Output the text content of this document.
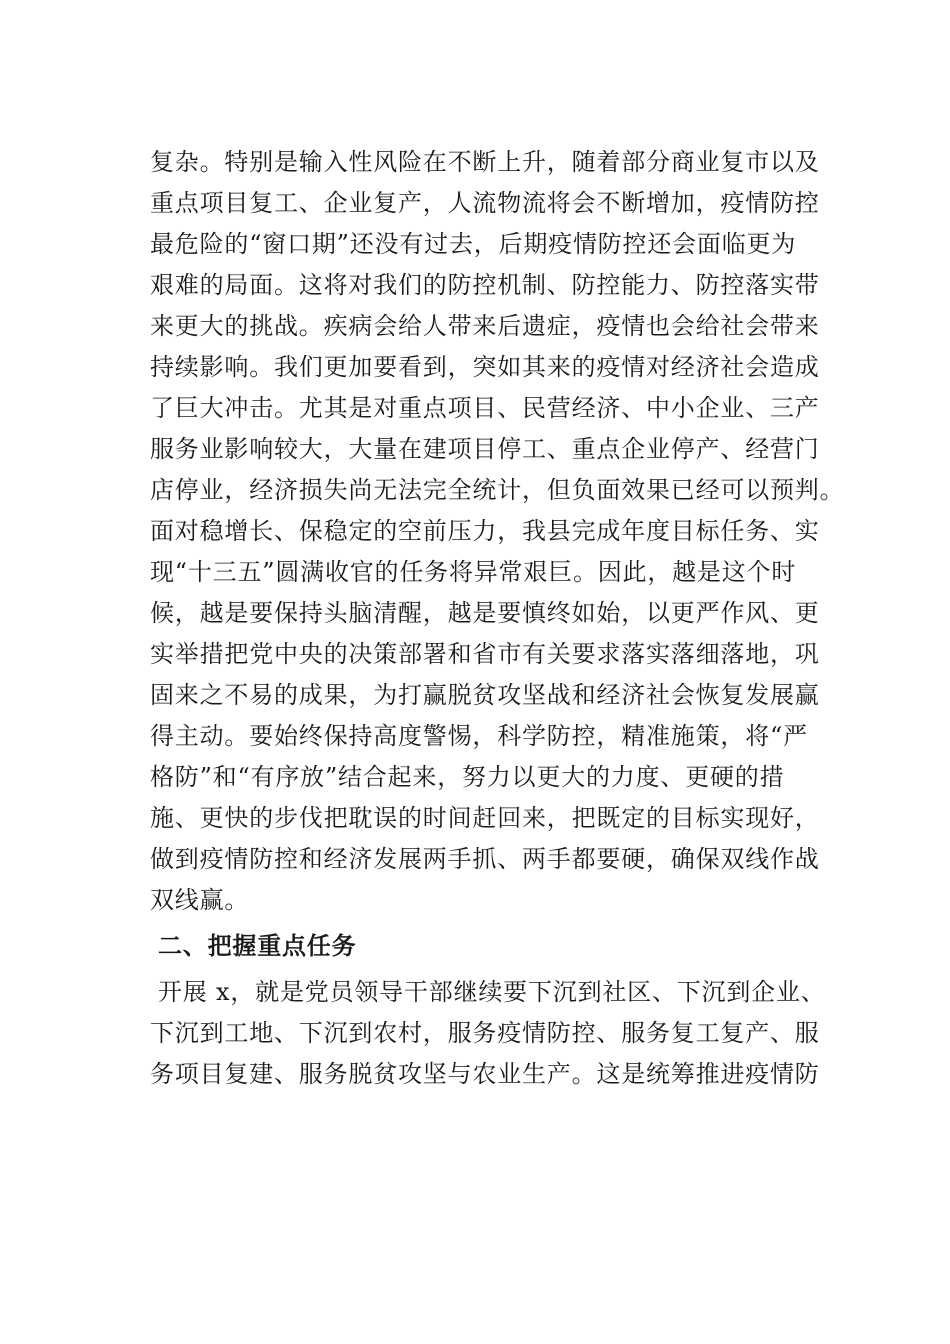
复杂。特别是输入性风险在不断上升，随着部分商业复市以及
重点项目复工、企业复产，人流物流将会不断增加，疫情防控
最危险的“窗口期”还没有过去，后期疫情防控还会面临更为
艰难的局面。这将对我们的防控机制、防控能力、防控落实带
来更大的挑战。疾病会给人带来后遗症，疫情也会给社会带来
持续影响。我们更加要看到，突如其来的疫情对经济社会造成
了巨大冲击。尤其是对重点项目、民营经济、中小企业、三产
服务业影响较大，大量在建项目停工、重点企业停产、经营门
店停业，经济损失尚无法完全统计，但负面效果已经可以预判。
面对稳增长、保稳定的空前压力，我县完成年度目标任务、实
现“十三五”圆满收官的任务将异常艰巨。因此，越是这个时
候，越是要保持头脑清醒，越是要慎终如始，以更严作风、更
实举措把党中央的决策部署和省市有关要求落实落细落地，巩
固来之不易的成果，为打赢脱贫攻坚战和经济社会恢复发展赢
得主动。要始终保持高度警惕，科学防控，精准施策，将“严
格防”和“有序放”结合起来，努力以更大的力度、更硬的措
施、更快的步伐把耽误的时间赶回来，把既定的目标实现好，
做到疫情防控和经济发展两手抓、两手都要硬，确保双线作战
双线赢。
二、把握重点任务
开展 x，就是党员领导干部继续要下沉到社区、下沉到企业、
下沉到工地、下沉到农村，服务疫情防控、服务复工复产、服
务项目复建、服务脱贫攻坚与农业生产。这是统筹推进疫情防
